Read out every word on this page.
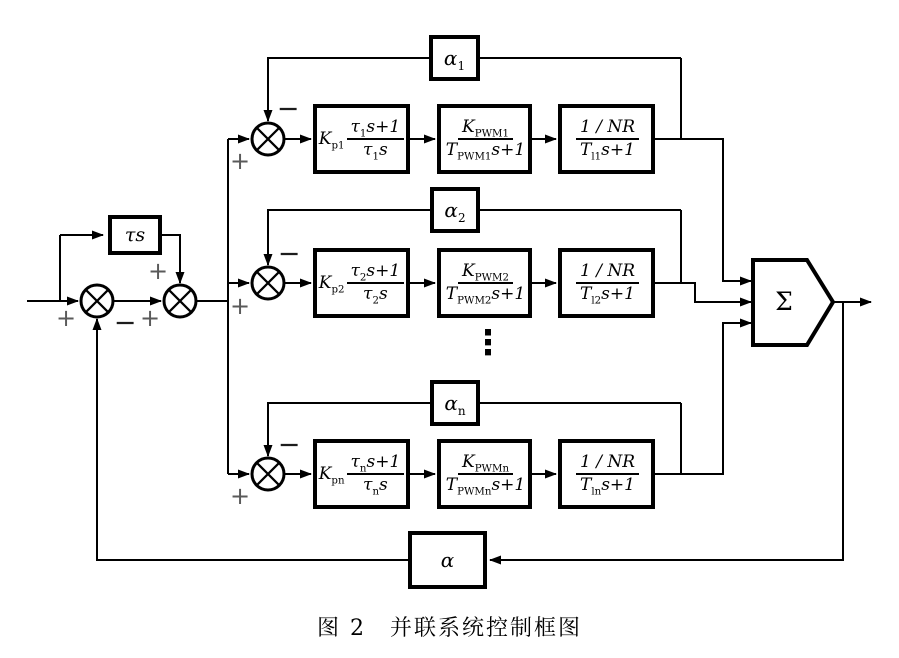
$K_{p1} \frac{\tau_1s+1}{\tau_1s} \frac{K_{PWM1}}{T_{PWM1}s+1}$	$\frac{1 / NR}{T_{l1}s+1}$
$\alpha_1$
$K_{p2} \frac{\tau_2s+1}{\tau_2s} \frac{K_{PWM2}}{T_{PWM2}s+1}$	$\frac{1 / NR}{T_{l2}s+1}$
$\alpha_2$
$K_{pn} \frac{\tau_ns+1}{\tau_ns} \frac{K_{PWMn}}{T_{PWMn}s+1}$	$\frac{1 / NR}{T_{ln}s+1}$
$\alpha_n$
τs
α
Σ
⋮
+ − +
+
+
−
+
−
+
−
图 2　并联系统控制框图
